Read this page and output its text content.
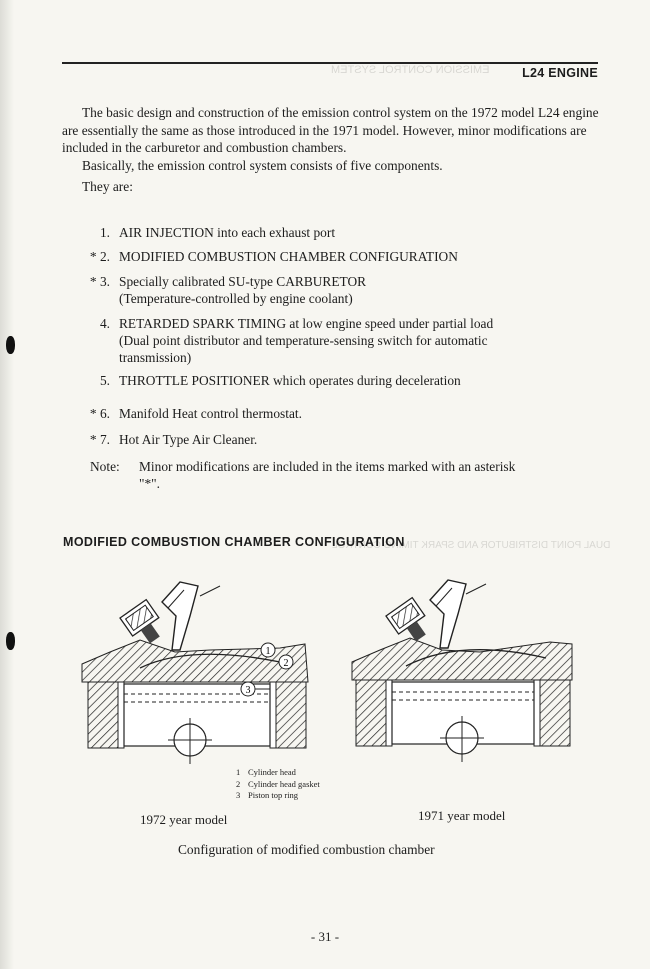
EMISSION CONTROL SYSTEM
DUAL POINT DISTRIBUTOR AND SPARK TIMING CONTROL
L24 ENGINE

The basic design and construction of the emission control system on the 1972 model L24 engine are essentially the same as those introduced in the 1971 model. However, minor modifications are included in the carburetor and combustion chambers.

Basically, the emission control system consists of five components.

They are:

1. AIR INJECTION into each exhaust port
* 2. MODIFIED COMBUSTION CHAMBER CONFIGURATION
* 3. Specially calibrated SU-type CARBURETOR
(Temperature-controlled by engine coolant)
4. RETARDED SPARK TIMING at low engine speed under partial load
(Dual point distributor and temperature-sensing switch for automatic
transmission)
5. THROTTLE POSITIONER which operates during deceleration
* 6. Manifold Heat control thermostat.
* 7. Hot Air Type Air Cleaner.
Note: Minor modifications are included in the items marked with an asterisk
"*".
MODIFIED COMBUSTION CHAMBER CONFIGURATION
1
2
3
1 Cylinder head
2 Cylinder head gasket
3 Piston top ring
1972 year model	1971 year model
Configuration of modified combustion chamber
- 31 -
